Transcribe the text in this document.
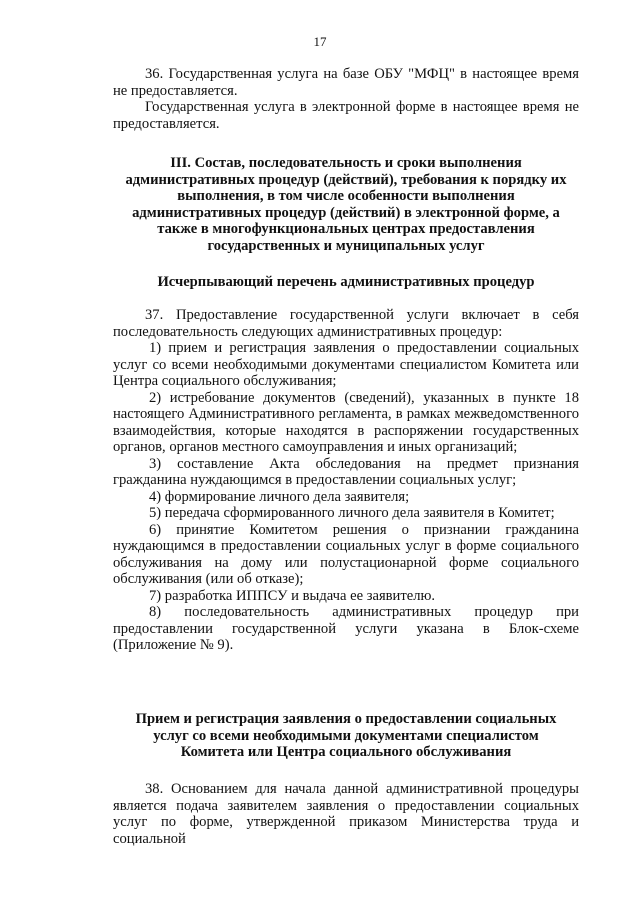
17

36. Государственная услуга на базе ОБУ "МФЦ" в настоящее время не предоставляется.

Государственная услуга в электронной форме в настоящее время не предоставляется.

III. Состав, последовательность и сроки выполнения административных процедур (действий), требования к порядку их выполнения, в том числе особенности выполнения административных процедур (действий) в электронной форме, а также в многофункциональных центрах предоставления государственных и муниципальных услуг

Исчерпывающий перечень административных процедур

37. Предоставление государственной услуги включает в себя последовательность следующих административных процедур:

1) прием и регистрация заявления о предоставлении социальных услуг со всеми необходимыми документами специалистом Комитета или Центра социального обслуживания;

2) истребование документов (сведений), указанных в пункте 18 настоящего Административного регламента, в рамках межведомственного взаимодействия, которые находятся в распоряжении государственных органов, органов местного самоуправления и иных организаций;

3) составление Акта обследования на предмет признания гражданина нуждающимся в предоставлении социальных услуг;

4) формирование личного дела заявителя;

5) передача сформированного личного дела заявителя в Комитет;

6) принятие Комитетом решения о признании гражданина нуждающимся в предоставлении социальных услуг в форме социального обслуживания на дому или полустационарной форме социального обслуживания (или об отказе);

7) разработка ИППСУ и выдача ее заявителю.

8) последовательность административных процедур при предоставлении государственной услуги указана в Блок-схеме (Приложение № 9).

Прием и регистрация заявления о предоставлении социальных услуг со всеми необходимыми документами специалистом Комитета или Центра социального обслуживания

38. Основанием для начала данной административной процедуры является подача заявителем заявления о предоставлении социальных услуг по форме, утвержденной приказом Министерства труда и социальной
